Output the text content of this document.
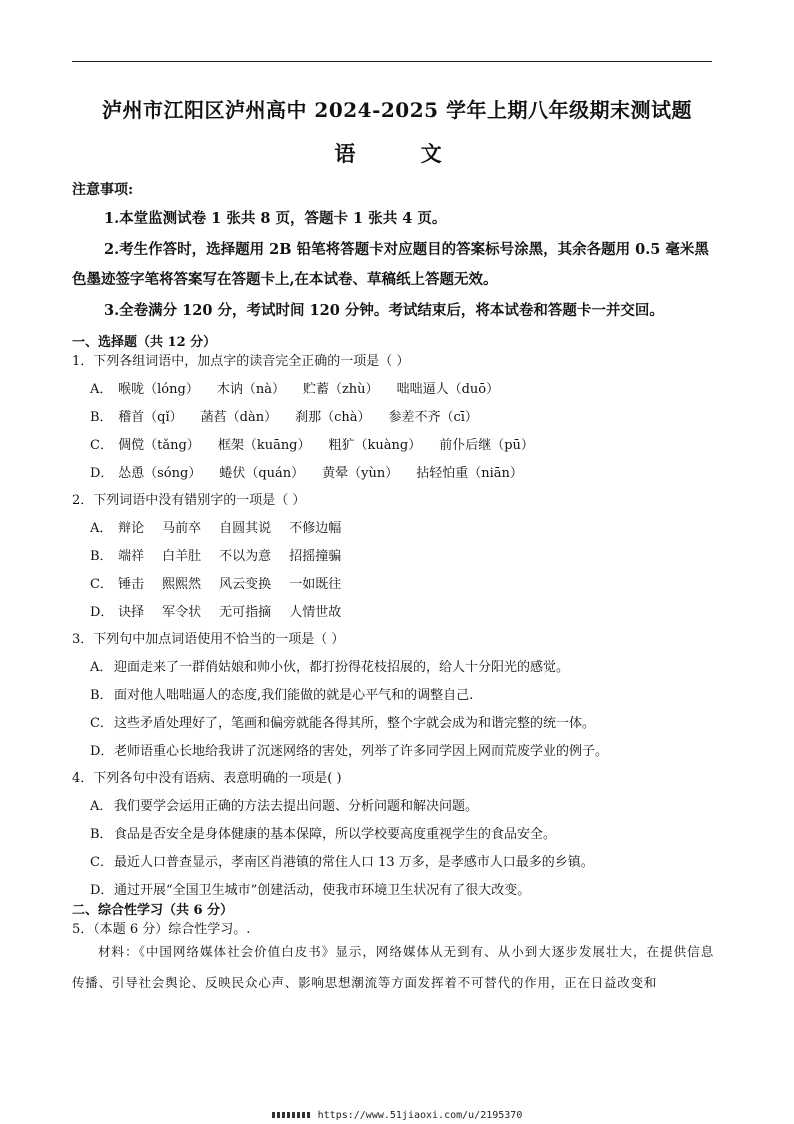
泸州市江阳区泸州高中 2024-2025 学年上期八年级期末测试题
语 文
注意事项:
1.本堂监测试卷 1 张共 8 页，答题卡 1 张共 4 页。
2.考生作答时，选择题用 2B 铅笔将答题卡对应题目的答案标号涂黑，其余各题用 0.5 毫米黑色墨迹签字笔将答案写在答题卡上,在本试卷、草稿纸上答题无效。
3.全卷满分 120 分，考试时间 120 分钟。考试结束后，将本试卷和答题卡一并交回。
一、选择题（共 12 分）
1．下列各组词语中，加点字的读音完全正确的一项是（ ）
A． 喉咙（lóng） 木讷（nà） 贮蓄（zhù） 咄咄逼人（duō）
B． 稽首（qǐ） 菡萏（dàn） 刹那（chà） 参差不齐（cī）
C． 倜傥（tǎng） 框架（kuāng） 粗犷（kuàng） 前仆后继（pū）
D． 怂恿（sóng） 蜷伏（quán） 黄晕（yùn） 拈轻怕重（niān）
2．下列词语中没有错别字的一项是（ ）
A． 辩论 马前卒 自圆其说 不修边幅
B． 端祥 白羊肚 不以为意 招摇撞骗
C． 锤击 熙熙然 风云变换 一如既往
D． 诀择 军令状 无可指摘 人情世故
3．下列句中加点词语使用不恰当的一项是（ ）
A． 迎面走来了一群俏姑娘和帅小伙，都打扮得花枝招展的，给人十分阳光的感觉。
B．面对他人咄咄逼人的态度,我们能做的就是心平气和的调整自己.
C．这些矛盾处理好了，笔画和偏旁就能各得其所，整个字就会成为和谐完整的统一体。
D．老师语重心长地给我讲了沉迷网络的害处，列举了许多同学因上网而荒废学业的例子。
4．下列各句中没有语病、表意明确的一项是( )
A． 我们要学会运用正确的方法去提出问题、分析问题和解决问题。
B．食品是否安全是身体健康的基本保障，所以学校要高度重视学生的食品安全。
C．最近人口普查显示，孝南区肖港镇的常住人口 13 万多，是孝感市人口最多的乡镇。
D．通过开展“全国卫生城市”创建活动，使我市环境卫生状况有了很大改变。
二、综合性学习（共 6 分）
5．（本题 6 分）综合性学习。.
材料：《中国网络媒体社会价值白皮书》显示，网络媒体从无到有、从小到大逐步发展壮大，在提供信息传播、引导社会舆论、反映民众心声、影响思想潮流等方面发挥着不可替代的作用，正在日益改变和
https://www.51jiaoxi.com/u/2195370
